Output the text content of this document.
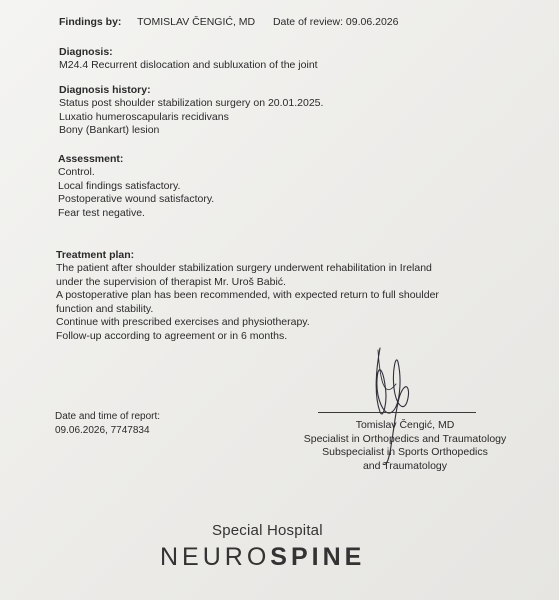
Findings by: TOMISLAV ČENGIĆ, MD Date of review: 09.06.2026
Diagnosis:
M24.4 Recurrent dislocation and subluxation of the joint
Diagnosis history:
Status post shoulder stabilization surgery on 20.01.2025.
Luxatio humeroscapularis recidivans
Bony (Bankart) lesion
Assessment:
Control.
Local findings satisfactory.
Postoperative wound satisfactory.
Fear test negative.
Treatment plan:
The patient after shoulder stabilization surgery underwent rehabilitation in Ireland
under the supervision of therapist Mr. Uroš Babić.
A postoperative plan has been recommended, with expected return to full shoulder
function and stability.
Continue with prescribed exercises and physiotherapy.
Follow-up according to agreement or in 6 months.
Date and time of report:
09.06.2026, 7747834	Tomislav Čengić, MD
Specialist in Orthopedics and Traumatology
Subspecialist in Sports Orthopedics
and Traumatology
Special Hospital
NEUROSPINE
